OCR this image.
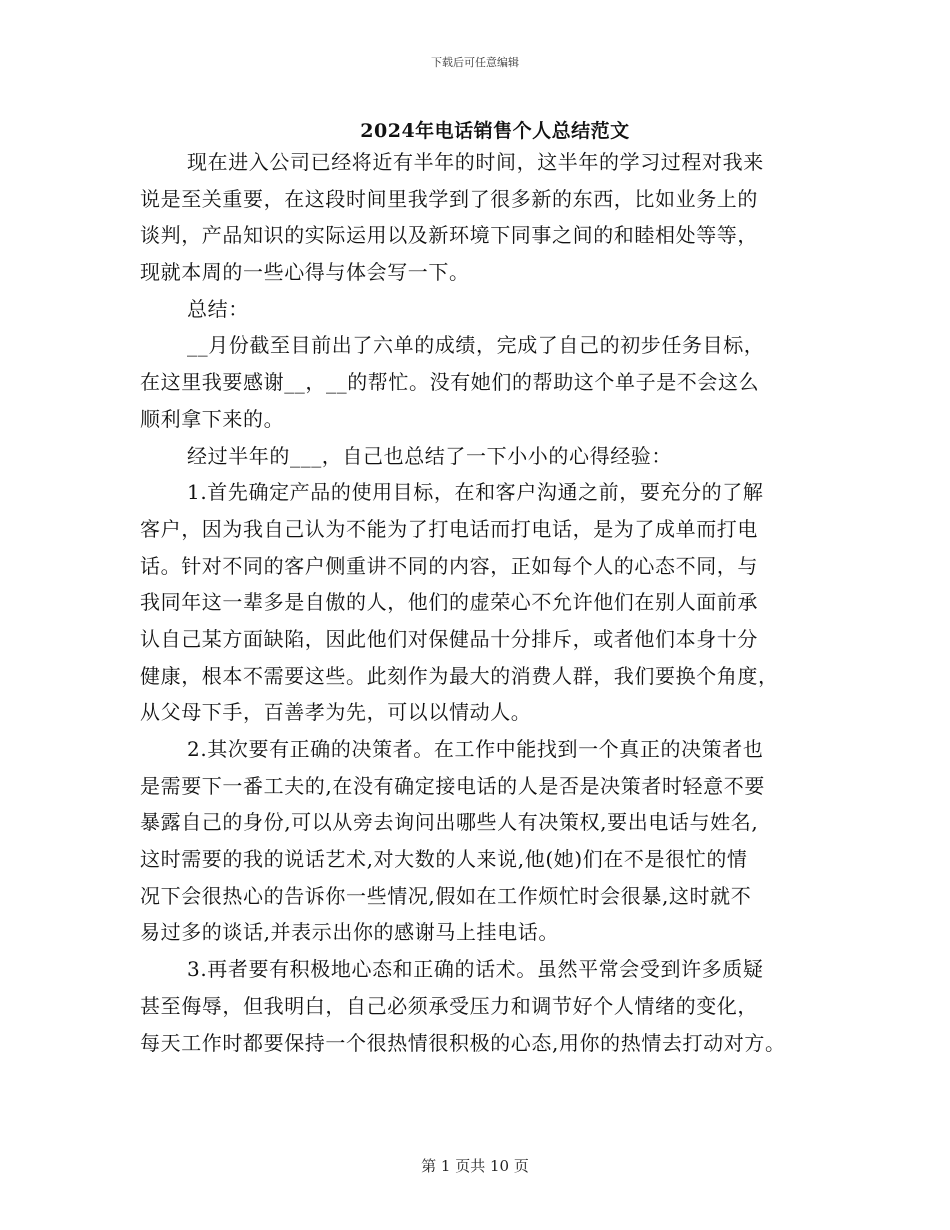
下载后可任意编辑
2024年电话销售个人总结范文
现在进入公司已经将近有半年的时间，这半年的学习过程对我来
说是至关重要，在这段时间里我学到了很多新的东西，比如业务上的
谈判，产品知识的实际运用以及新环境下同事之间的和睦相处等等，
现就本周的一些心得与体会写一下。
总结：
__月份截至目前出了六单的成绩，完成了自己的初步任务目标，
在这里我要感谢__，__的帮忙。没有她们的帮助这个单子是不会这么
顺利拿下来的。
经过半年的___，自己也总结了一下小小的心得经验：
1.首先确定产品的使用目标，在和客户沟通之前，要充分的了解
客户，因为我自己认为不能为了打电话而打电话，是为了成单而打电
话。针对不同的客户侧重讲不同的内容，正如每个人的心态不同，与
我同年这一辈多是自傲的人，他们的虚荣心不允许他们在别人面前承
认自己某方面缺陷，因此他们对保健品十分排斥，或者他们本身十分
健康，根本不需要这些。此刻作为最大的消费人群，我们要换个角度，
从父母下手，百善孝为先，可以以情动人。
2.其次要有正确的决策者。在工作中能找到一个真正的决策者也
是需要下一番工夫的,在没有确定接电话的人是否是决策者时轻意不要
暴露自己的身份,可以从旁去询问出哪些人有决策权,要出电话与姓名,
这时需要的我的说话艺术,对大数的人来说,他(她)们在不是很忙的情
况下会很热心的告诉你一些情况,假如在工作烦忙时会很暴,这时就不
易过多的谈话,并表示出你的感谢马上挂电话。
3.再者要有积极地心态和正确的话术。虽然平常会受到许多质疑
甚至侮辱，但我明白，自己必须承受压力和调节好个人情绪的变化，
每天工作时都要保持一个很热情很积极的心态,用你的热情去打动对方。
第 1 页共 10 页
